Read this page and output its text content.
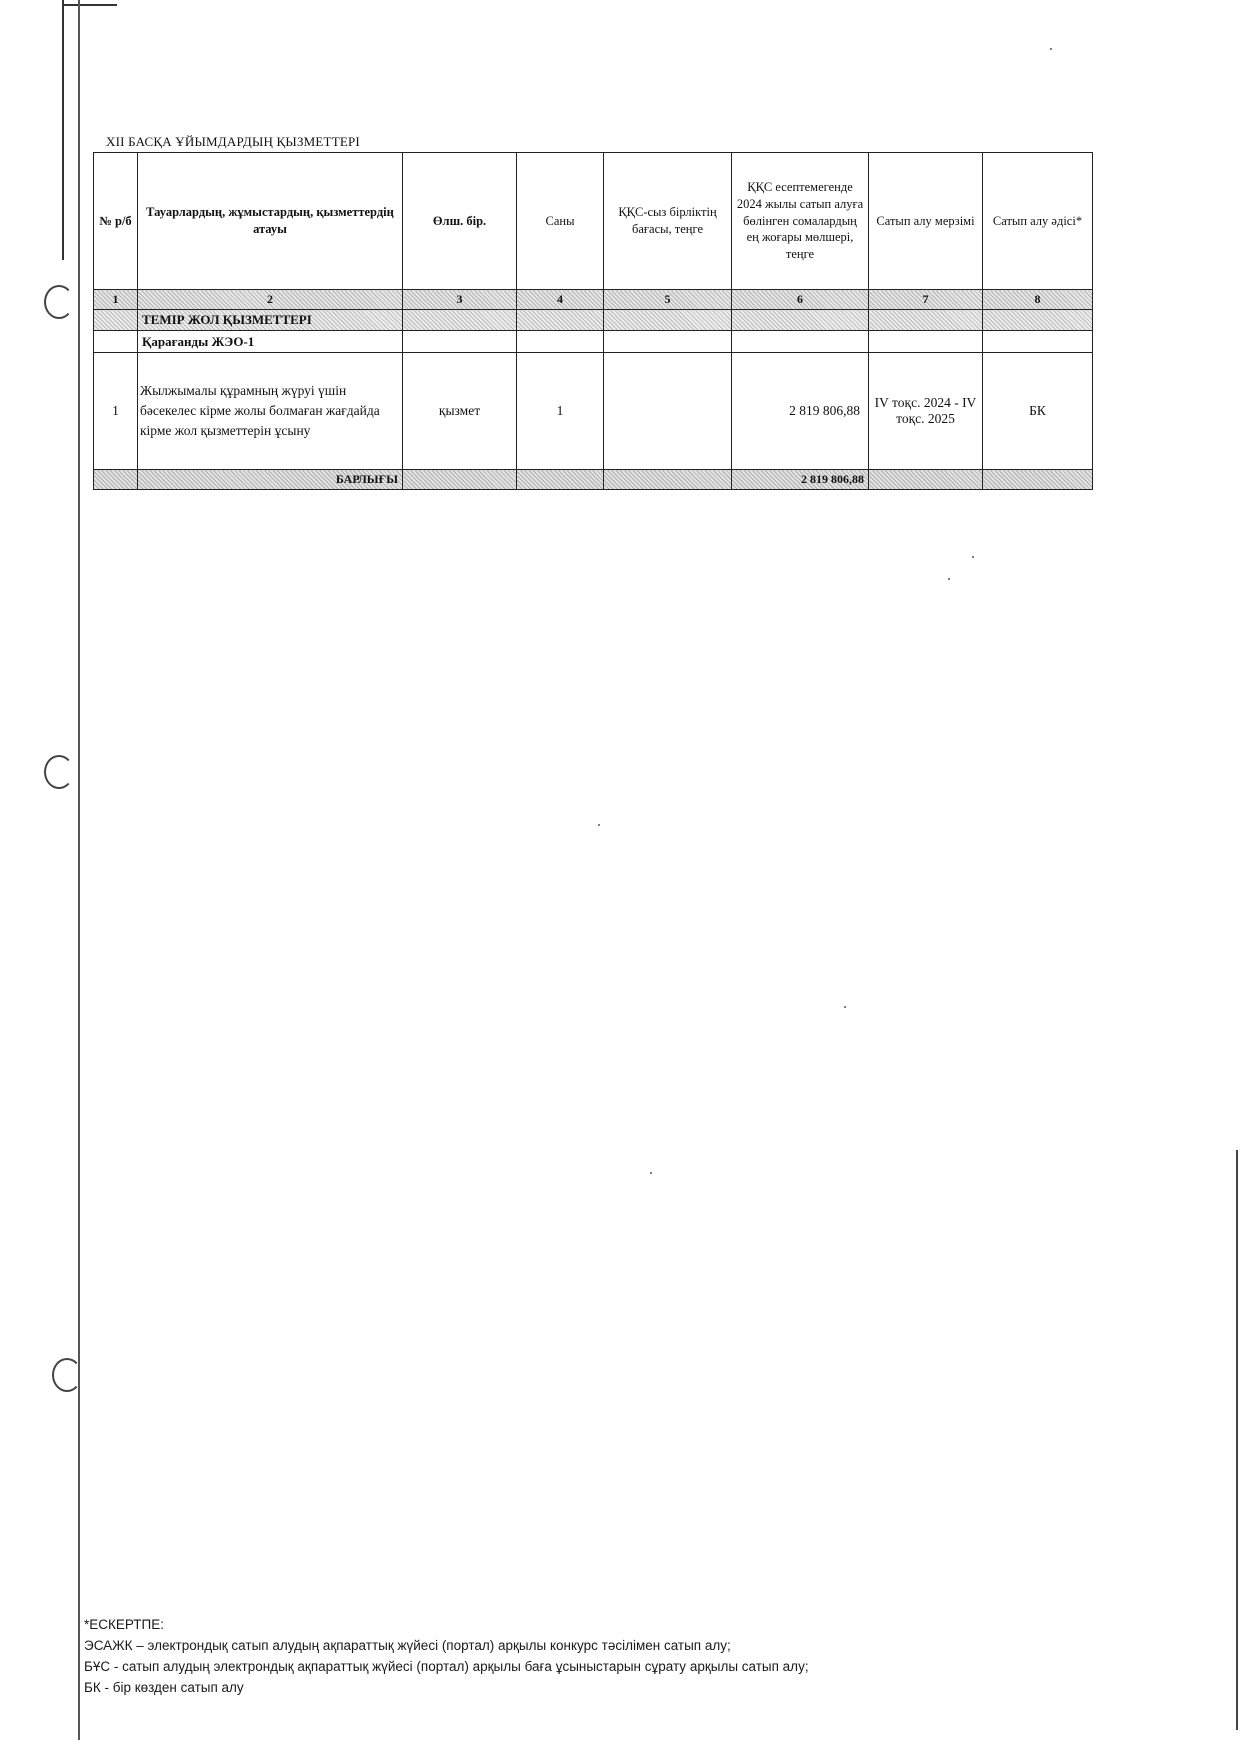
XII БАСҚА ҰЙЫМДАРДЫҢ ҚЫЗМЕТТЕРІ
№ р/б	Тауарлардың, жұмыстардың, қызметтердің атауы	Өлш. бір.	Саны	ҚҚС-сыз бірліктің бағасы, теңге	ҚҚС есептемегенде 2024 жылы сатып алуға бөлінген сомалардың ең жоғары мөлшері, теңге	Сатып алу мерзімі	Сатып алу әдісі*
1	2	3	4	5	6	7	8
	ТЕМІР ЖОЛ ҚЫЗМЕТТЕРІ						
	Қарағанды ЖЭО-1						
1	Жылжымалы құрамның жүруі үшін бәсекелес кірме жолы болмаған жағдайда кірме жол қызметтерін ұсыну	қызмет	1		2 819 806,88	IV тоқс. 2024 - IV тоқс. 2025	БК
	БАРЛЫҒЫ				2 819 806,88		
*ЕСКЕРТПЕ:
ЭСАЖК – электрондық сатып алудың ақпараттық жүйесі (портал) арқылы конкурс тәсілімен сатып алу;
БҰС - сатып алудың электрондық ақпараттық жүйесі (портал) арқылы баға ұсыныстарын сұрату арқылы сатып алу;
БК - бір көзден сатып алу
